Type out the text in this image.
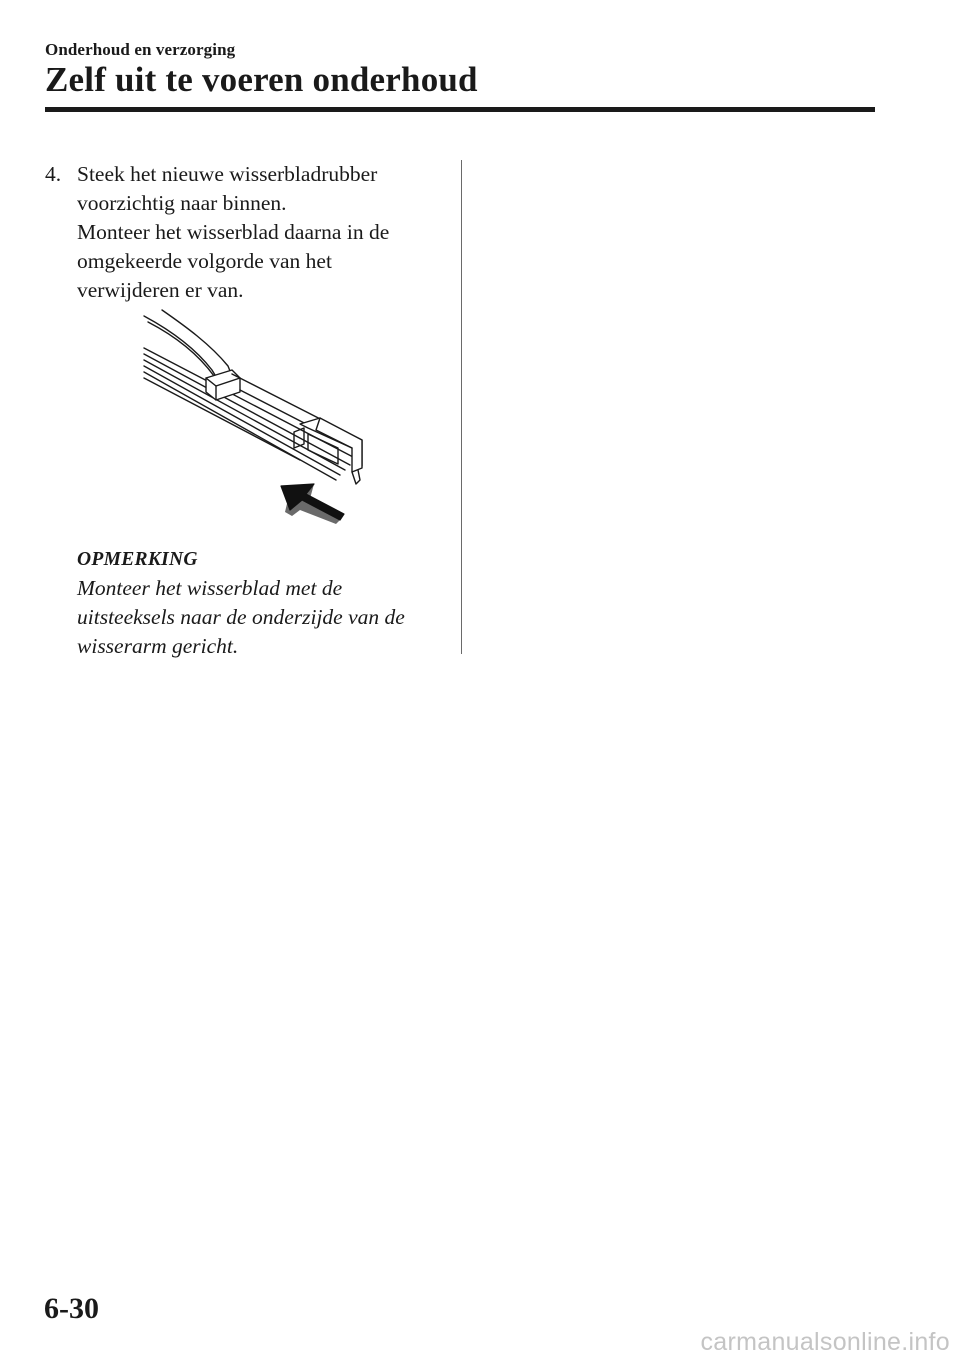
Onderhoud en verzorging
Zelf uit te voeren onderhoud
4. Steek het nieuwe wisserbladrubber

voorzichtig naar binnen.

Monteer het wisserblad daarna in de

omgekeerde volgorde van het

verwijderen er van.

OPMERKING

Monteer het wisserblad met de

uitsteeksels naar de onderzijde van de

wisserarm gericht.

6-30
carmanualsonline.info
